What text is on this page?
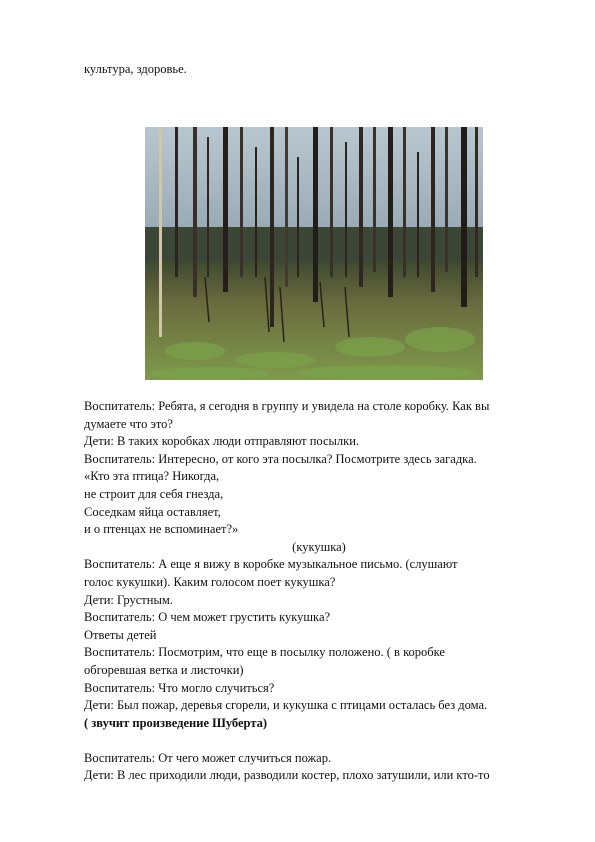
культура, здоровье.
Воспитатель: Ребята, я сегодня в группу и увидела на столе коробку. Как вы
думаете что это?
Дети: В таких коробках люди отправляют посылки.
Воспитатель: Интересно, от кого эта посылка? Посмотрите здесь загадка.
«Кто эта птица? Никогда,
не строит для себя гнезда,
Соседкам яйца оставляет,
и о птенцах не вспоминает?»
(кукушка)
Воспитатель: А еще я вижу в коробке музыкальное письмо. (слушают
голос кукушки). Каким голосом поет кукушка?
Дети: Грустным.
Воспитатель: О чем может грустить кукушка?
Ответы детей
Воспитатель: Посмотрим, что еще в посылку положено. ( в коробке
обгоревшая ветка и листочки)
Воспитатель: Что могло случиться?
Дети: Был пожар, деревья сгорели, и кукушка с птицами осталась без дома.
( звучит произведение Шуберта)
Воспитатель: От чего может случиться пожар.
Дети: В лес приходили люди, разводили костер, плохо затушили, или кто-то
